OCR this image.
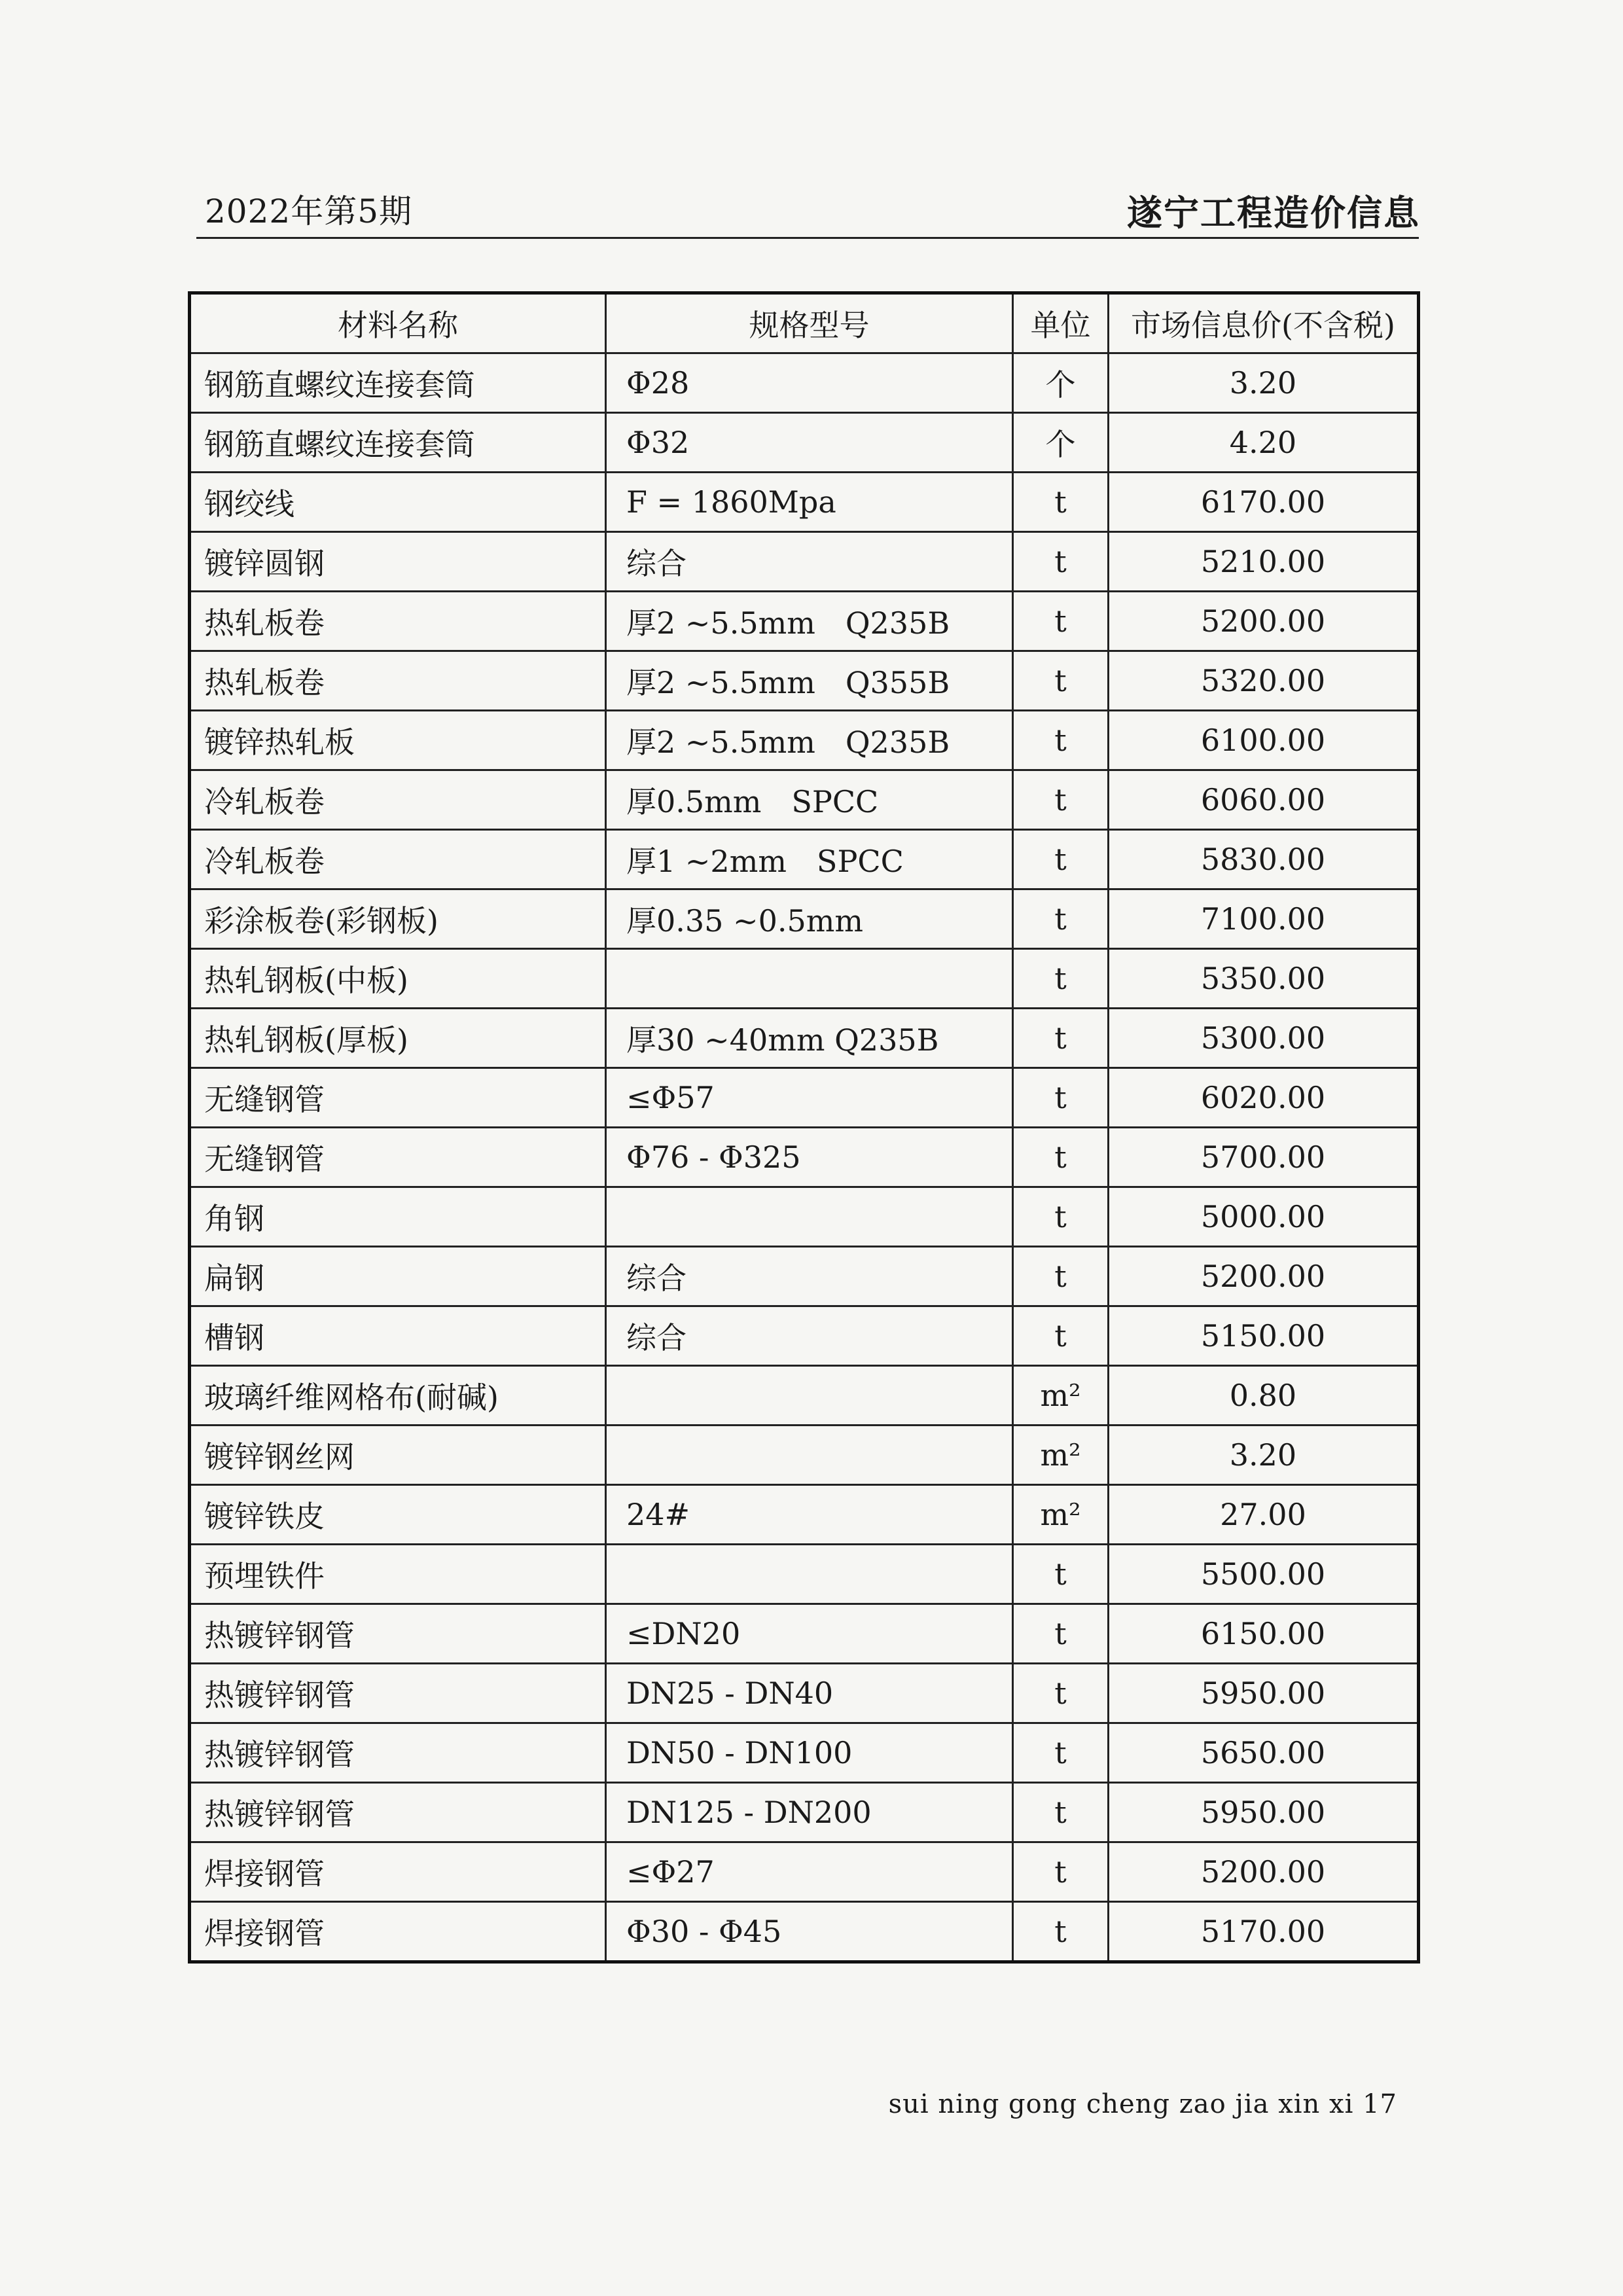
2022年第5期	遂宁工程造价信息
材料名称	规格型号	单位	市场信息价(不含税)
钢筋直螺纹连接套筒	Φ28	个	3.20
钢筋直螺纹连接套筒	Φ32	个	4.20
钢绞线	F = 1860Mpa	t	6170.00
镀锌圆钢	综合	t	5210.00
热轧板卷	厚2 ~5.5mm　Q235B	t	5200.00
热轧板卷	厚2 ~5.5mm　Q355B	t	5320.00
镀锌热轧板	厚2 ~5.5mm　Q235B	t	6100.00
冷轧板卷	厚0.5mm　SPCC	t	6060.00
冷轧板卷	厚1 ~2mm　SPCC	t	5830.00
彩涂板卷(彩钢板)	厚0.35 ~0.5mm	t	7100.00
热轧钢板(中板)		t	5350.00
热轧钢板(厚板)	厚30 ~40mm Q235B	t	5300.00
无缝钢管	≤Φ57	t	6020.00
无缝钢管	Φ76 - Φ325	t	5700.00
角钢		t	5000.00
扁钢	综合	t	5200.00
槽钢	综合	t	5150.00
玻璃纤维网格布(耐碱)		m²	0.80
镀锌钢丝网		m²	3.20
镀锌铁皮	24#	m²	27.00
预埋铁件		t	5500.00
热镀锌钢管	≤DN20	t	6150.00
热镀锌钢管	DN25 - DN40	t	5950.00
热镀锌钢管	DN50 - DN100	t	5650.00
热镀锌钢管	DN125 - DN200	t	5950.00
焊接钢管	≤Φ27	t	5200.00
焊接钢管	Φ30 - Φ45	t	5170.00
sui ning gong cheng zao jia xin xi 17
